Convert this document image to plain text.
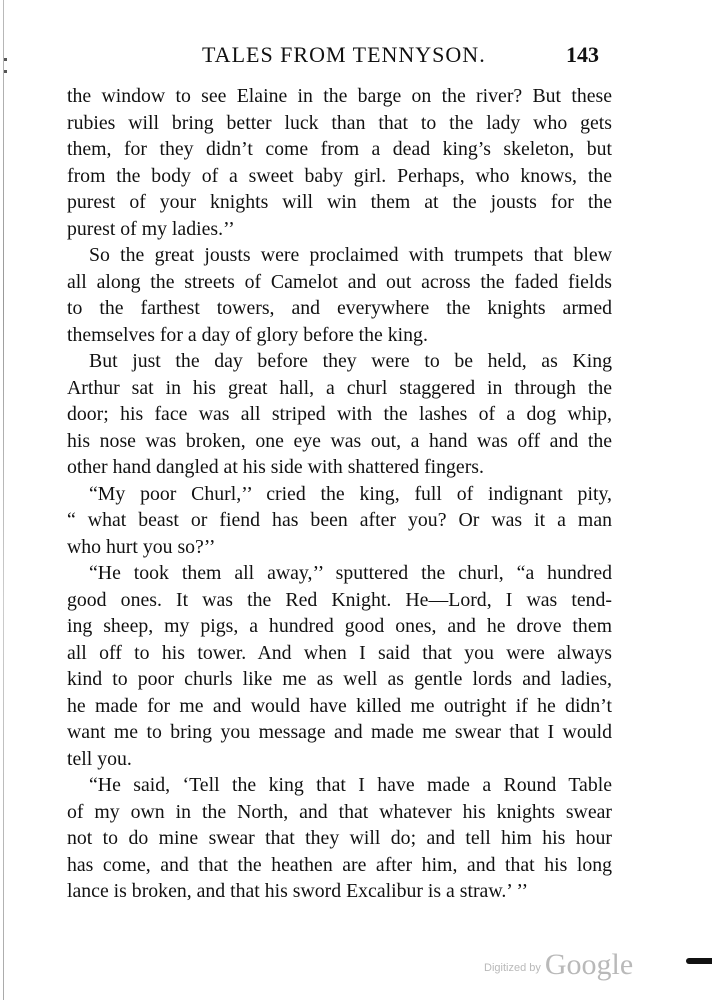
TALES FROM TENNYSON.	143
the window to see Elaine in the barge on the river? But these
rubies will bring better luck than that to the lady who gets
them, for they didn’t come from a dead king’s skeleton, but
from the body of a sweet baby girl. Perhaps, who knows, the
purest of your knights will win them at the jousts for the
purest of my ladies.’’
So the great jousts were proclaimed with trumpets that blew
all along the streets of Camelot and out across the faded fields
to the farthest towers, and everywhere the knights armed
themselves for a day of glory before the king.
But just the day before they were to be held, as King
Arthur sat in his great hall, a churl staggered in through the
door; his face was all striped with the lashes of a dog whip,
his nose was broken, one eye was out, a hand was off and the
other hand dangled at his side with shattered fingers.
“My poor Churl,’’ cried the king, full of indignant pity,
“ what beast or fiend has been after you? Or was it a man
who hurt you so?’’
“He took them all away,’’ sputtered the churl, “a hundred
good ones. It was the Red Knight. He—Lord, I was tend-
ing sheep, my pigs, a hundred good ones, and he drove them
all off to his tower. And when I said that you were always
kind to poor churls like me as well as gentle lords and ladies,
he made for me and would have killed me outright if he didn’t
want me to bring you message and made me swear that I would
tell you.
“He said, ‘Tell the king that I have made a Round Table
of my own in the North, and that whatever his knights swear
not to do mine swear that they will do; and tell him his hour
has come, and that the heathen are after him, and that his long
lance is broken, and that his sword Excalibur is a straw.’ ’’
Digitized by Google
